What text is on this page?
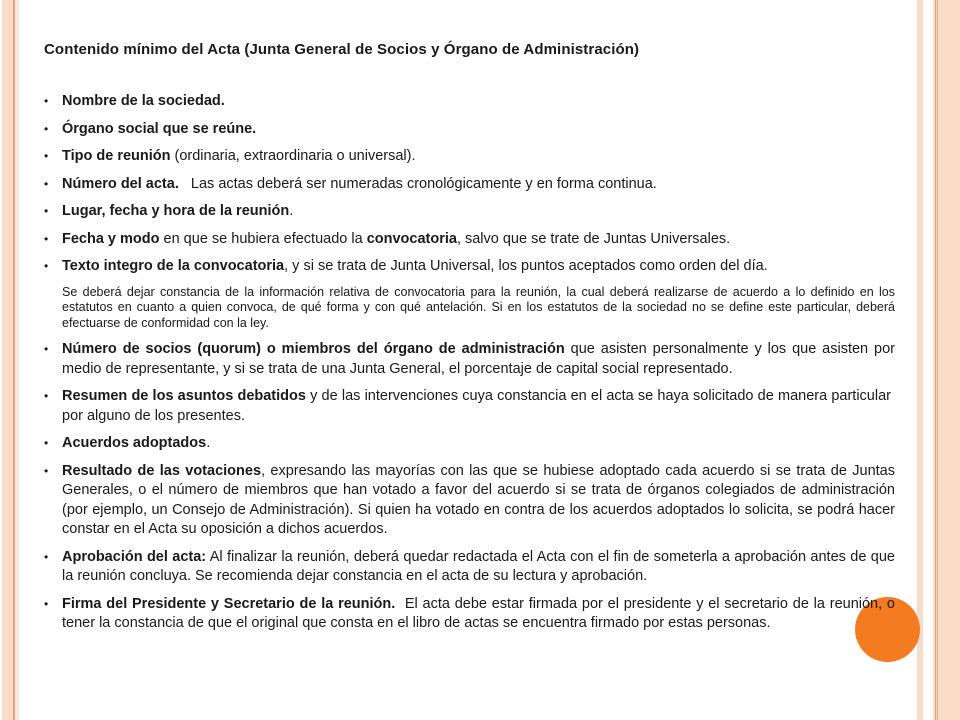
Contenido mínimo del Acta (Junta General de Socios y Órgano de Administración)
• Nombre de la sociedad.
• Órgano social que se reúne.
• Tipo de reunión (ordinaria, extraordinaria o universal).
• Número del acta.   Las actas deberá ser numeradas cronológicamente y en forma continua.
• Lugar, fecha y hora de la reunión.
• Fecha y modo en que se hubiera efectuado la convocatoria, salvo que se trate de Juntas Universales.
• Texto integro de la convocatoria, y si se trata de Junta Universal, los puntos aceptados como orden del día.
Se deberá dejar constancia de la información relativa de convocatoria para la reunión, la cual deberá realizarse de acuerdo a lo definido en los estatutos en cuanto a quien convoca, de qué forma y con qué antelación. Si en los estatutos de la sociedad no se define este particular, deberá efectuarse de conformidad con la ley.
• Número de socios (quorum) o miembros del órgano de administración que asisten personalmente y los que asisten por medio de representante, y si se trata de una Junta General, el porcentaje de capital social representado.
• Resumen de los asuntos debatidos y de las intervenciones cuya constancia en el acta se haya solicitado de manera particular  por alguno de los presentes.
• Acuerdos adoptados.
• Resultado de las votaciones, expresando las mayorías con las que se hubiese adoptado cada acuerdo si se trata de Juntas Generales, o el número de miembros que han votado a favor del acuerdo si se trata de órganos colegiados de administración (por ejemplo, un Consejo de Administración). Si quien ha votado en contra de los acuerdos adoptados lo solicita, se podrá hacer constar en el Acta su oposición a dichos acuerdos.
• Aprobación del acta: Al finalizar la reunión, deberá quedar redactada el Acta con el fin de someterla a aprobación antes de que la reunión concluya. Se recomienda dejar constancia en el acta de su lectura y aprobación.
• Firma del Presidente y Secretario de la reunión.  El acta debe estar firmada por el presidente y el secretario de la reunión, o tener la constancia de que el original que consta en el libro de actas se encuentra firmado por estas personas.
